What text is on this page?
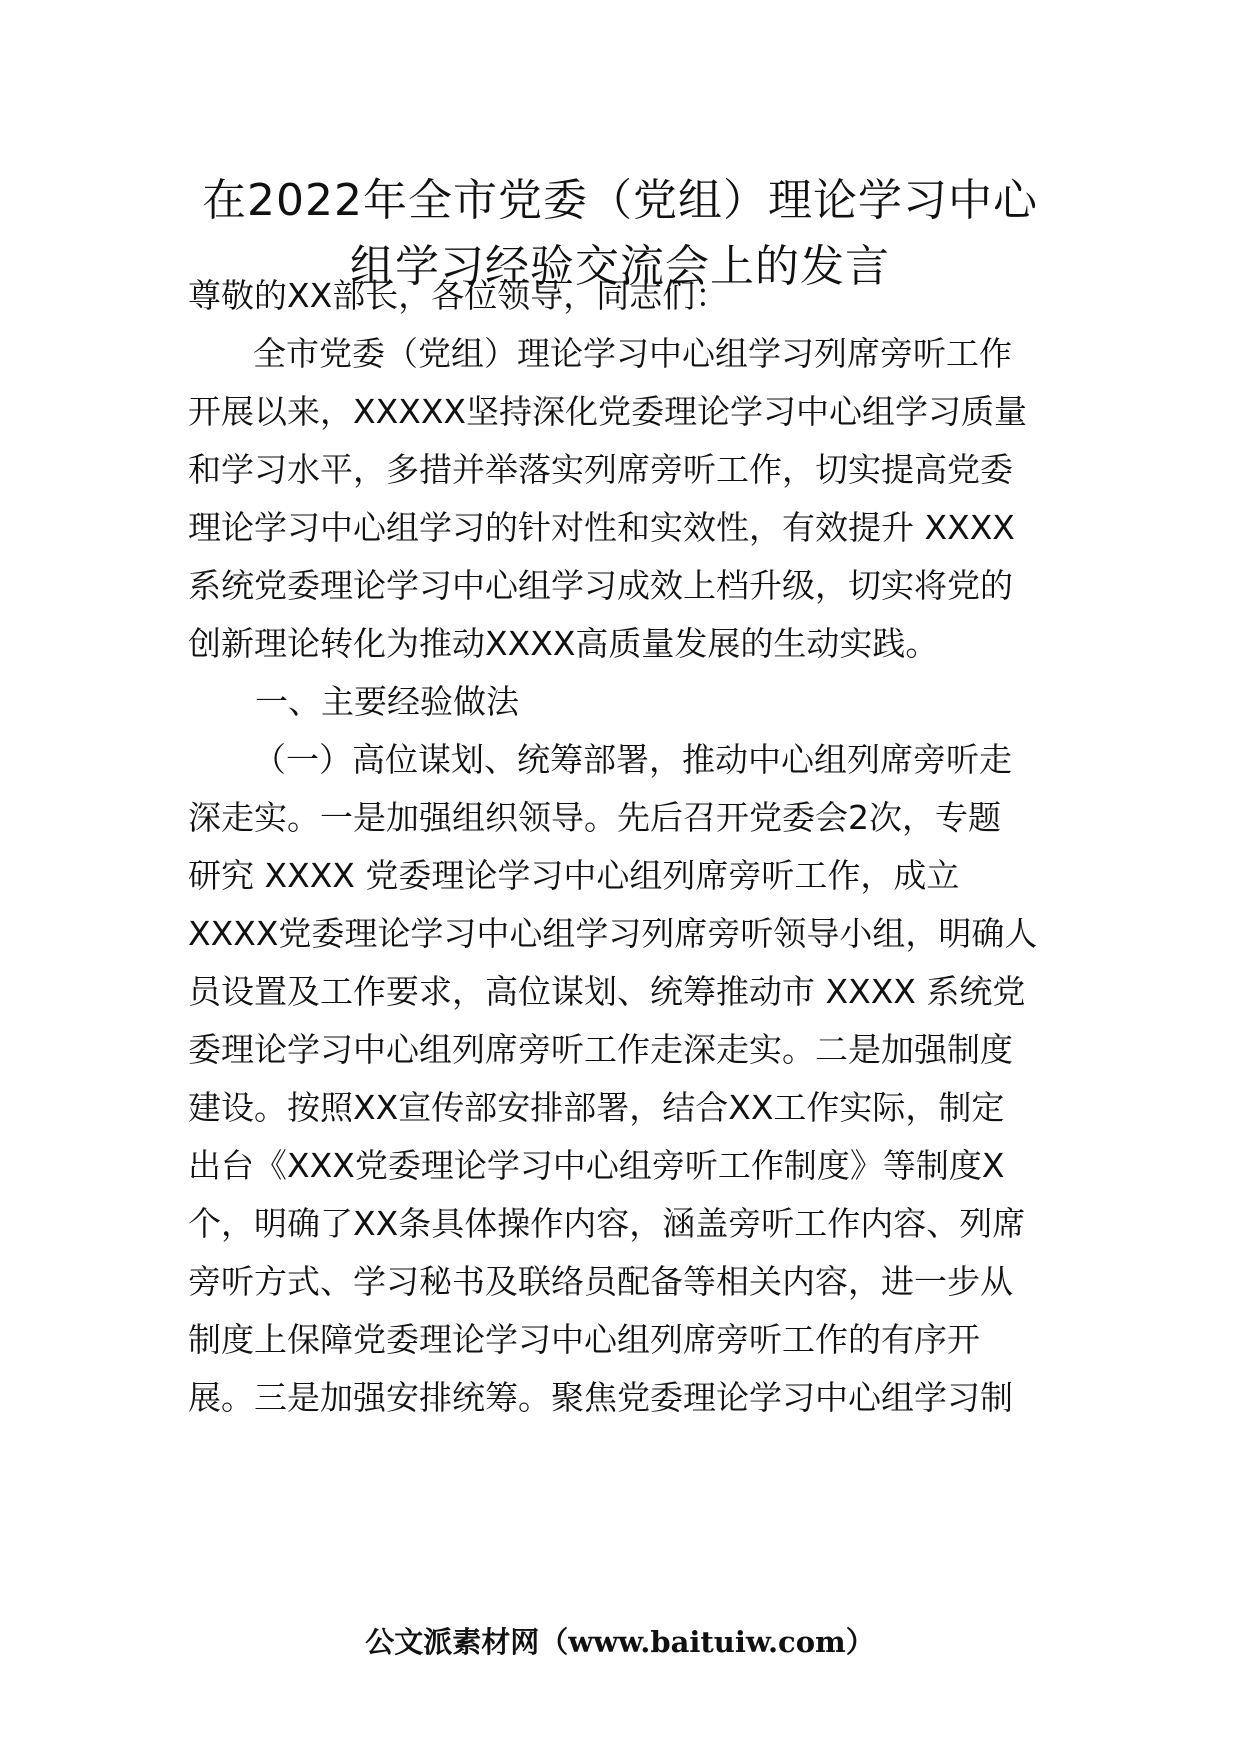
在2022年全市党委（党组）理论学习中心
组学习经验交流会上的发言
尊敬的XX部长，各位领导，同志们：
全市党委（党组）理论学习中心组学习列席旁听工作
开展以来，XXXXX坚持深化党委理论学习中心组学习质量
和学习水平，多措并举落实列席旁听工作，切实提高党委
理论学习中心组学习的针对性和实效性，有效提升 XXXX
系统党委理论学习中心组学习成效上档升级，切实将党的
创新理论转化为推动XXXX高质量发展的生动实践。
一、主要经验做法
（一）高位谋划、统筹部署，推动中心组列席旁听走
深走实。一是加强组织领导。先后召开党委会2次，专题
研究 XXXX 党委理论学习中心组列席旁听工作，成立
XXXX党委理论学习中心组学习列席旁听领导小组，明确人
员设置及工作要求，高位谋划、统筹推动市 XXXX 系统党
委理论学习中心组列席旁听工作走深走实。二是加强制度
建设。按照XX宣传部安排部署，结合XX工作实际，制定
出台《XXX党委理论学习中心组旁听工作制度》等制度X
个，明确了XX条具体操作内容，涵盖旁听工作内容、列席
旁听方式、学习秘书及联络员配备等相关内容，进一步从
制度上保障党委理论学习中心组列席旁听工作的有序开
展。三是加强安排统筹。聚焦党委理论学习中心组学习制
公文派素材网（www.baituiw.com）
